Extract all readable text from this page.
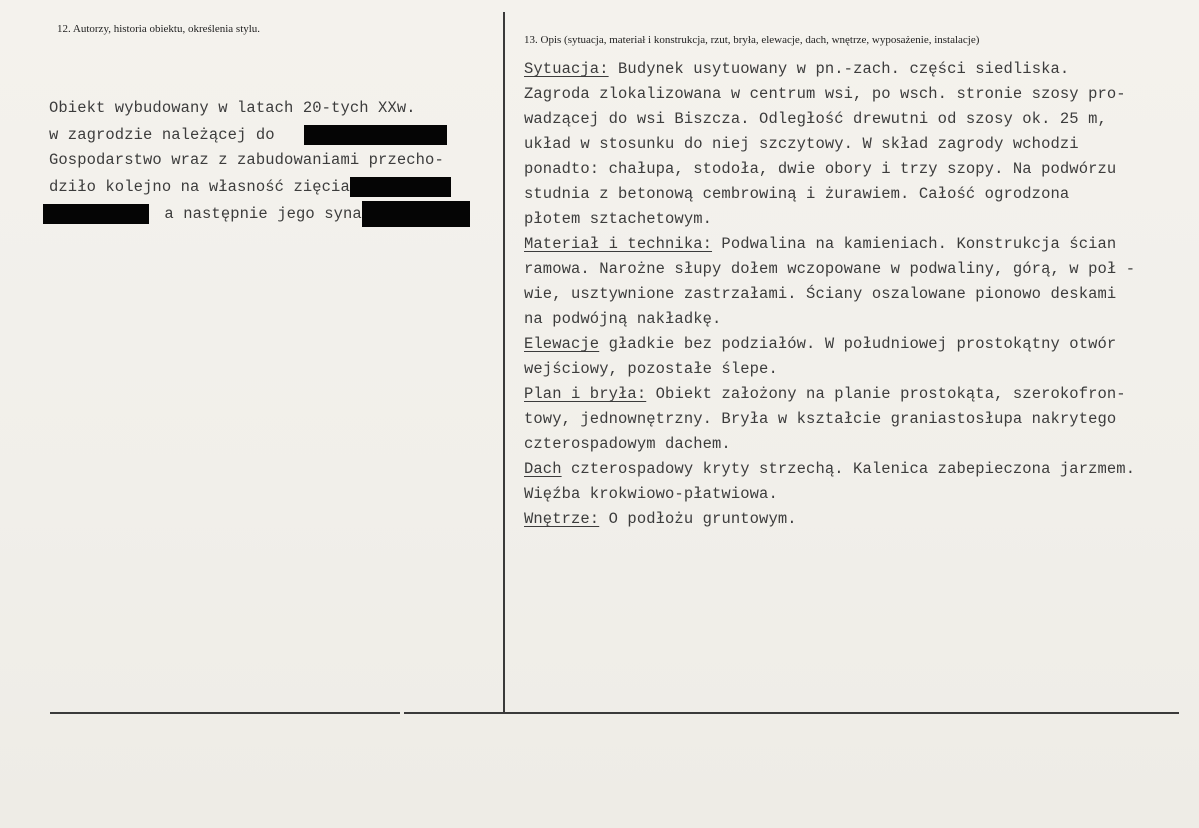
12. Autorzy, historia obiektu, określenia stylu.
13. Opis (sytuacja, materiał i konstrukcja, rzut, bryła, elewacje, dach, wnętrze, wyposażenie, instalacje)
Obiekt wybudowany w latach 20-tych XXw.
w zagrodzie należącej do
Gospodarstwo wraz z zabudowaniami przecho-
dziło kolejno na własność zięcia
a następnie jego syna
Sytuacja: Budynek usytuowany w pn.-zach. części siedliska.
Zagroda zlokalizowana w centrum wsi, po wsch. stronie szosy pro-
wadzącej do wsi Biszcza. Odległość drewutni od szosy ok. 25 m,
układ w stosunku do niej szczytowy. W skład zagrody wchodzi
ponadto: chałupa, stodoła, dwie obory i trzy szopy. Na podwórzu
studnia z betonową cembrowiną i żurawiem. Całość ogrodzona
płotem sztachetowym.
Materiał i technika: Podwalina na kamieniach. Konstrukcja ścian
ramowa. Narożne słupy dołem wczopowane w podwaliny, górą, w poł -
wie, usztywnione zastrzałami. Ściany oszalowane pionowo deskami
na podwójną nakładkę.
Elewacje gładkie bez podziałów. W południowej prostokątny otwór
wejściowy, pozostałe ślepe.
Plan i bryła: Obiekt założony na planie prostokąta, szerokofron-
towy, jednownętrzny. Bryła w kształcie graniastosłupa nakrytego
czterospadowym dachem.
Dach czterospadowy kryty strzechą. Kalenica zabepieczona jarzmem.
Więźba krokwiowo-płatwiowa.
Wnętrze: O podłożu gruntowym.
